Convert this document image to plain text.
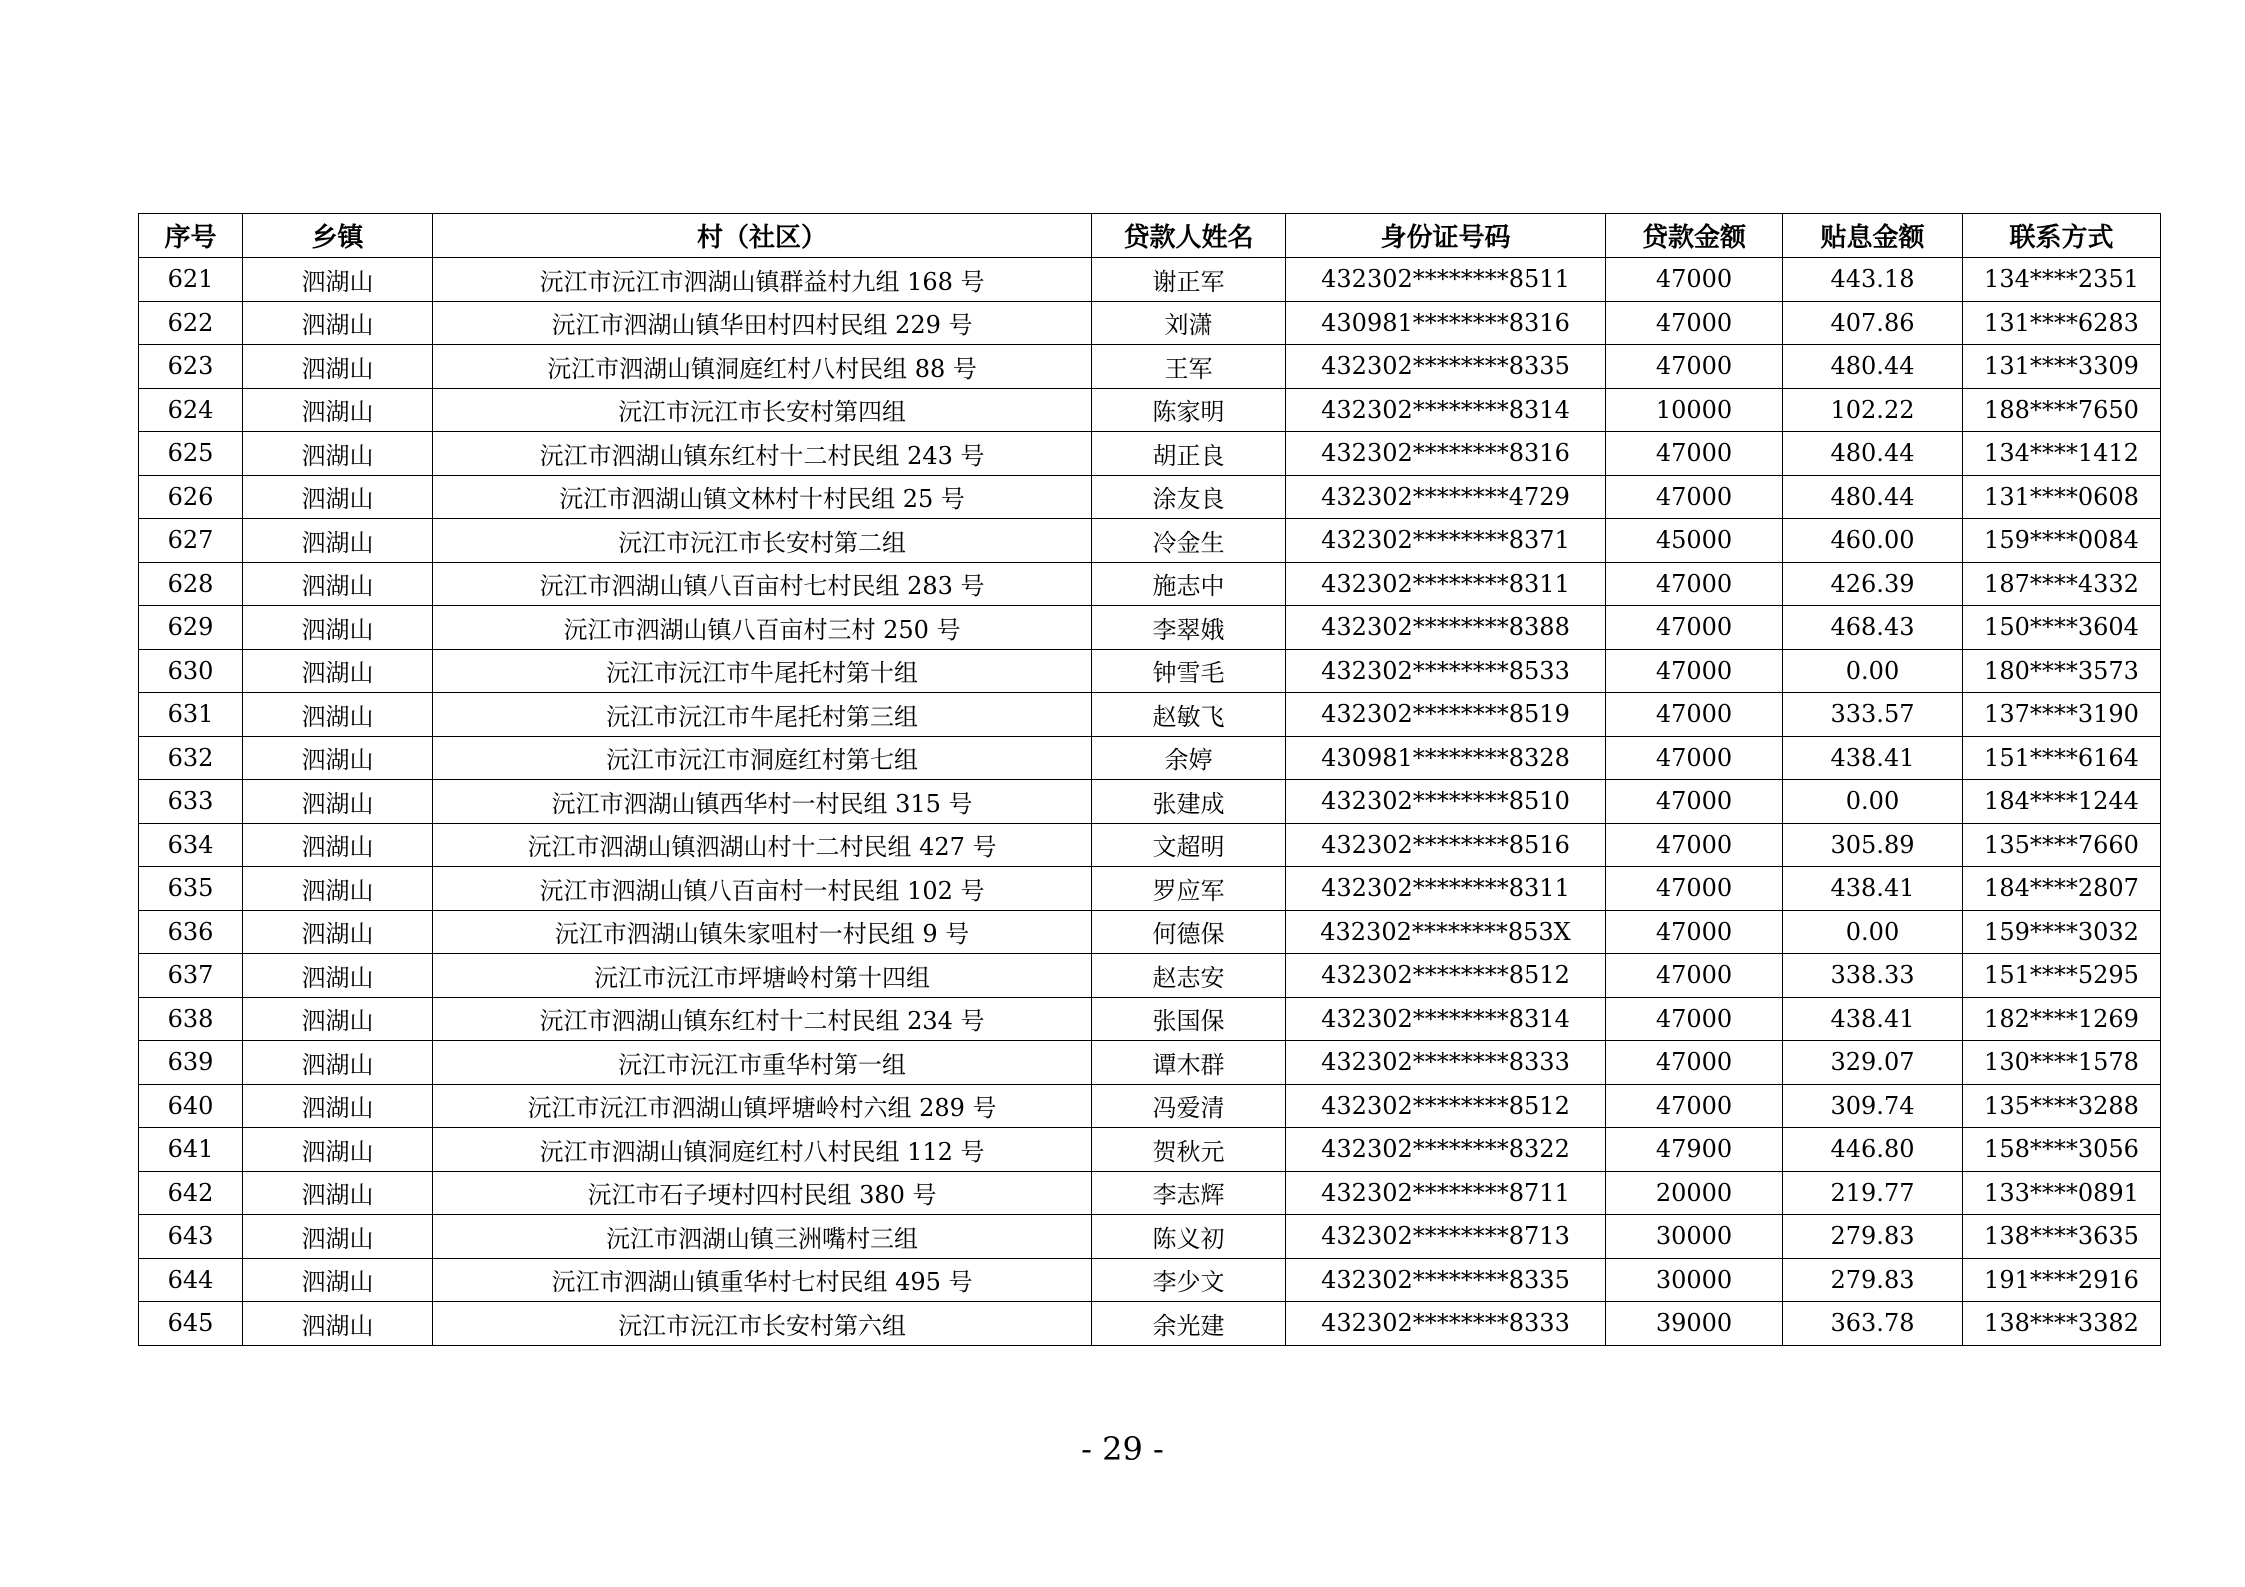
序号	乡镇	村（社区）	贷款人姓名	身份证号码	贷款金额	贴息金额	联系方式
621	泗湖山	沅江市沅江市泗湖山镇群益村九组 168 号	谢正军	432302********8511	47000	443.18	134****2351
622	泗湖山	沅江市泗湖山镇华田村四村民组 229 号	刘潇	430981********8316	47000	407.86	131****6283
623	泗湖山	沅江市泗湖山镇洞庭红村八村民组 88 号	王军	432302********8335	47000	480.44	131****3309
624	泗湖山	沅江市沅江市长安村第四组	陈家明	432302********8314	10000	102.22	188****7650
625	泗湖山	沅江市泗湖山镇东红村十二村民组 243 号	胡正良	432302********8316	47000	480.44	134****1412
626	泗湖山	沅江市泗湖山镇文林村十村民组 25 号	涂友良	432302********4729	47000	480.44	131****0608
627	泗湖山	沅江市沅江市长安村第二组	冷金生	432302********8371	45000	460.00	159****0084
628	泗湖山	沅江市泗湖山镇八百亩村七村民组 283 号	施志中	432302********8311	47000	426.39	187****4332
629	泗湖山	沅江市泗湖山镇八百亩村三村 250 号	李翠娥	432302********8388	47000	468.43	150****3604
630	泗湖山	沅江市沅江市牛尾托村第十组	钟雪毛	432302********8533	47000	0.00	180****3573
631	泗湖山	沅江市沅江市牛尾托村第三组	赵敏飞	432302********8519	47000	333.57	137****3190
632	泗湖山	沅江市沅江市洞庭红村第七组	余婷	430981********8328	47000	438.41	151****6164
633	泗湖山	沅江市泗湖山镇西华村一村民组 315 号	张建成	432302********8510	47000	0.00	184****1244
634	泗湖山	沅江市泗湖山镇泗湖山村十二村民组 427 号	文超明	432302********8516	47000	305.89	135****7660
635	泗湖山	沅江市泗湖山镇八百亩村一村民组 102 号	罗应军	432302********8311	47000	438.41	184****2807
636	泗湖山	沅江市泗湖山镇朱家咀村一村民组 9 号	何德保	432302********853X	47000	0.00	159****3032
637	泗湖山	沅江市沅江市坪塘岭村第十四组	赵志安	432302********8512	47000	338.33	151****5295
638	泗湖山	沅江市泗湖山镇东红村十二村民组 234 号	张国保	432302********8314	47000	438.41	182****1269
639	泗湖山	沅江市沅江市重华村第一组	谭木群	432302********8333	47000	329.07	130****1578
640	泗湖山	沅江市沅江市泗湖山镇坪塘岭村六组 289 号	冯爱清	432302********8512	47000	309.74	135****3288
641	泗湖山	沅江市泗湖山镇洞庭红村八村民组 112 号	贺秋元	432302********8322	47900	446.80	158****3056
642	泗湖山	沅江市石子埂村四村民组 380 号	李志辉	432302********8711	20000	219.77	133****0891
643	泗湖山	沅江市泗湖山镇三洲嘴村三组	陈义初	432302********8713	30000	279.83	138****3635
644	泗湖山	沅江市泗湖山镇重华村七村民组 495 号	李少文	432302********8335	30000	279.83	191****2916
645	泗湖山	沅江市沅江市长安村第六组	余光建	432302********8333	39000	363.78	138****3382
- 29 -
